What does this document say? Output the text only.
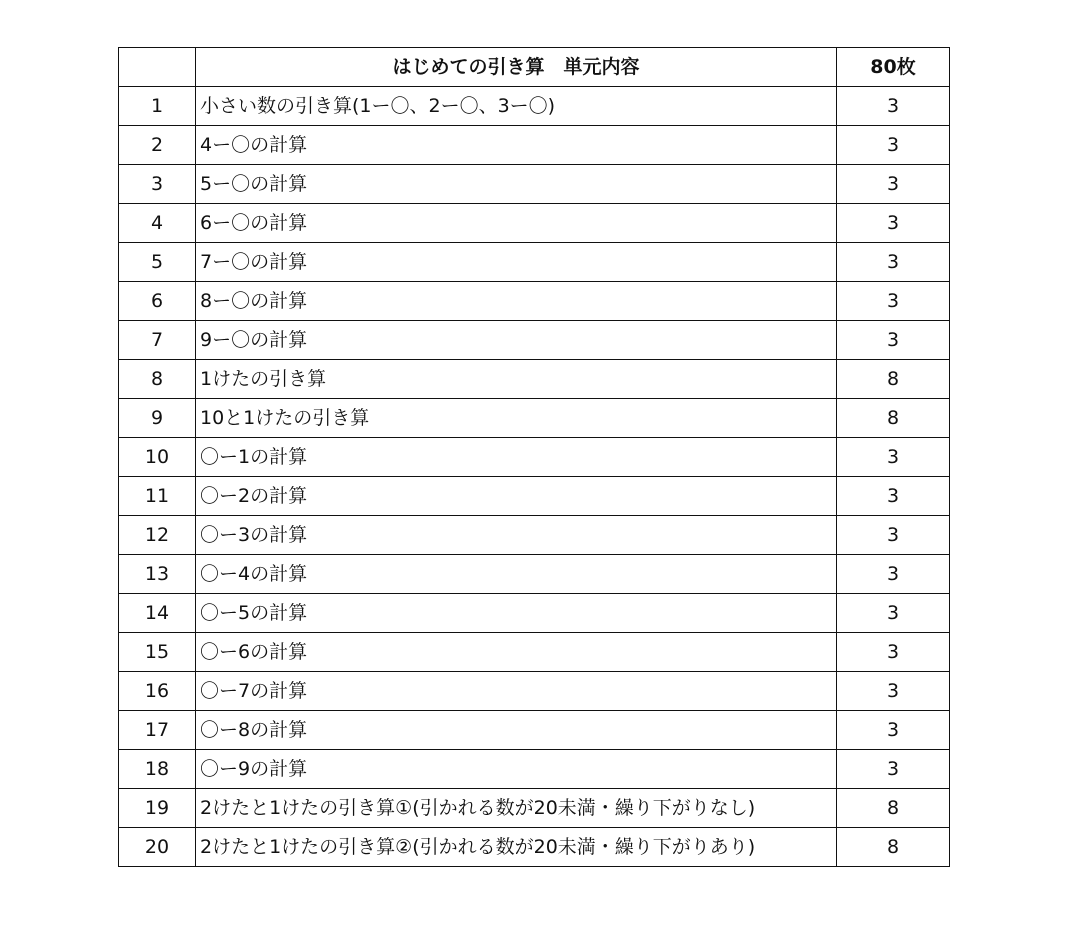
	はじめての引き算　単元内容	80枚
1	小さい数の引き算(1ー〇、2ー〇、3ー〇)	3
2	4ー〇の計算	3
3	5ー〇の計算	3
4	6ー〇の計算	3
5	7ー〇の計算	3
6	8ー〇の計算	3
7	9ー〇の計算	3
8	1けたの引き算	8
9	10と1けたの引き算	8
10	〇ー1の計算	3
11	〇ー2の計算	3
12	〇ー3の計算	3
13	〇ー4の計算	3
14	〇ー5の計算	3
15	〇ー6の計算	3
16	〇ー7の計算	3
17	〇ー8の計算	3
18	〇ー9の計算	3
19	2けたと1けたの引き算①(引かれる数が20未満・繰り下がりなし)	8
20	2けたと1けたの引き算②(引かれる数が20未満・繰り下がりあり)	8
